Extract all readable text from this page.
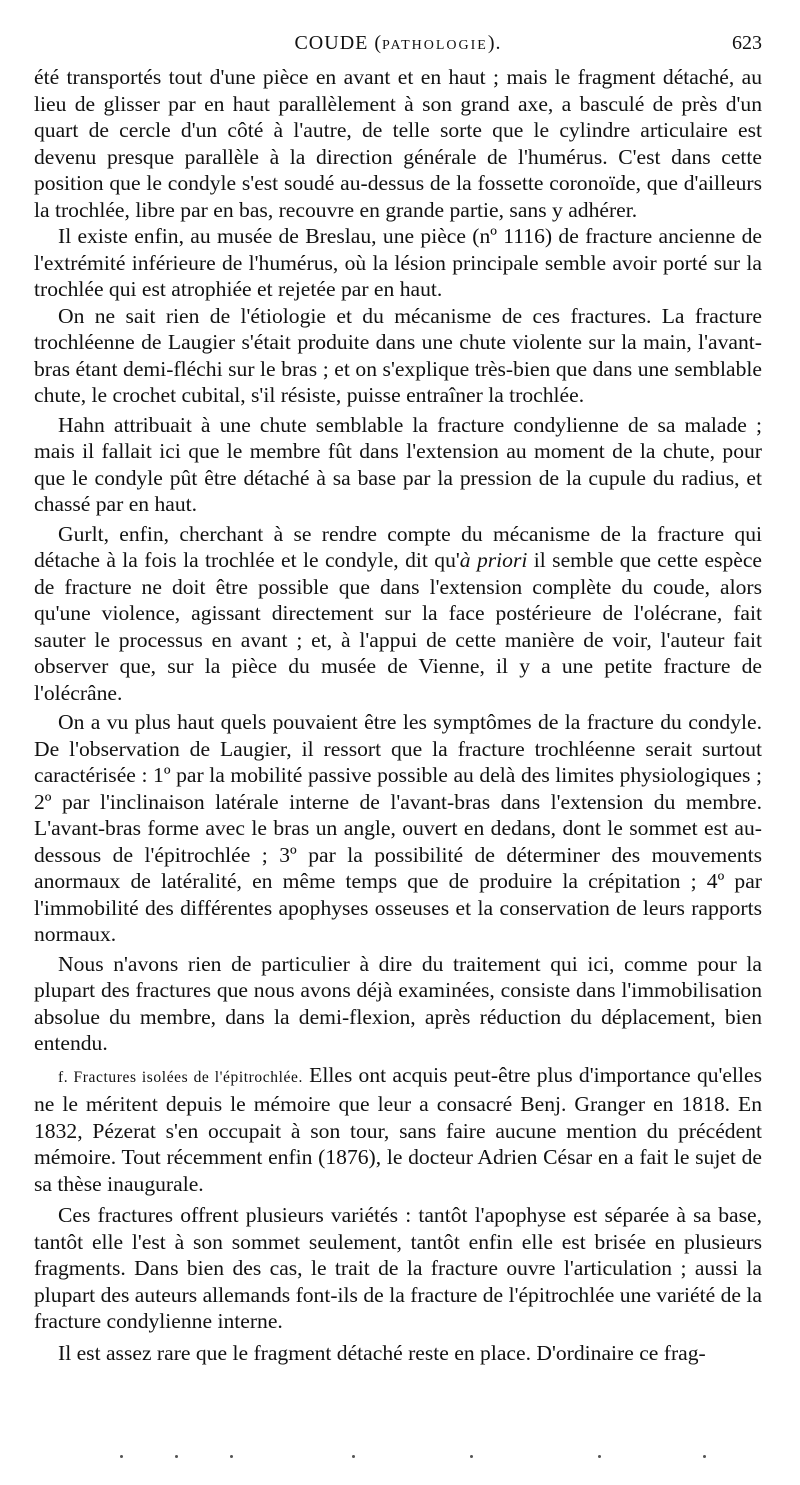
COUDE (PATHOLOGIE).	623

été transportés tout d'une pièce en avant et en haut ; mais le fragment détaché, au lieu de glisser par en haut parallèlement à son grand axe, a basculé de près d'un quart de cercle d'un côté à l'autre, de telle sorte que le cylindre articulaire est devenu presque parallèle à la direction générale de l'humérus. C'est dans cette position que le condyle s'est soudé au-dessus de la fossette coronoïde, que d'ailleurs la trochlée, libre par en bas, recouvre en grande partie, sans y adhérer.

Il existe enfin, au musée de Breslau, une pièce (nº 1116) de fracture ancienne de l'extrémité inférieure de l'humérus, où la lésion principale semble avoir porté sur la trochlée qui est atrophiée et rejetée par en haut.

On ne sait rien de l'étiologie et du mécanisme de ces fractures. La fracture trochléenne de Laugier s'était produite dans une chute violente sur la main, l'avant-bras étant demi-fléchi sur le bras ; et on s'explique très-bien que dans une semblable chute, le crochet cubital, s'il résiste, puisse entraîner la trochlée.

Hahn attribuait à une chute semblable la fracture condylienne de sa malade ; mais il fallait ici que le membre fût dans l'extension au moment de la chute, pour que le condyle pût être détaché à sa base par la pression de la cupule du radius, et chassé par en haut.

Gurlt, enfin, cherchant à se rendre compte du mécanisme de la fracture qui détache à la fois la trochlée et le condyle, dit qu'à priori il semble que cette espèce de fracture ne doit être possible que dans l'extension complète du coude, alors qu'une violence, agissant directement sur la face postérieure de l'olécrane, fait sauter le processus en avant ; et, à l'appui de cette manière de voir, l'auteur fait observer que, sur la pièce du musée de Vienne, il y a une petite fracture de l'olécrâne.

On a vu plus haut quels pouvaient être les symptômes de la fracture du condyle. De l'observation de Laugier, il ressort que la fracture trochléenne serait surtout caractérisée : 1º par la mobilité passive possible au delà des limites physiologiques ; 2º par l'inclinaison latérale interne de l'avant-bras dans l'extension du membre. L'avant-bras forme avec le bras un angle, ouvert en dedans, dont le sommet est au-dessous de l'épitrochlée ; 3º par la possibilité de déterminer des mouvements anormaux de latéralité, en même temps que de produire la crépitation ; 4º par l'immobilité des différentes apophyses osseuses et la conservation de leurs rapports normaux.

Nous n'avons rien de particulier à dire du traitement qui ici, comme pour la plupart des fractures que nous avons déjà examinées, consiste dans l'immobilisation absolue du membre, dans la demi-flexion, après réduction du déplacement, bien entendu.

f. Fractures isolées de l'épitrochlée. Elles ont acquis peut-être plus d'importance qu'elles ne le méritent depuis le mémoire que leur a consacré Benj. Granger en 1818. En 1832, Pézerat s'en occupait à son tour, sans faire aucune mention du précédent mémoire. Tout récemment enfin (1876), le docteur Adrien César en a fait le sujet de sa thèse inaugurale.

Ces fractures offrent plusieurs variétés : tantôt l'apophyse est séparée à sa base, tantôt elle l'est à son sommet seulement, tantôt enfin elle est brisée en plusieurs fragments. Dans bien des cas, le trait de la fracture ouvre l'articulation ; aussi la plupart des auteurs allemands font-ils de la fracture de l'épitrochlée une variété de la fracture condylienne interne.

Il est assez rare que le fragment détaché reste en place. D'ordinaire ce frag-
